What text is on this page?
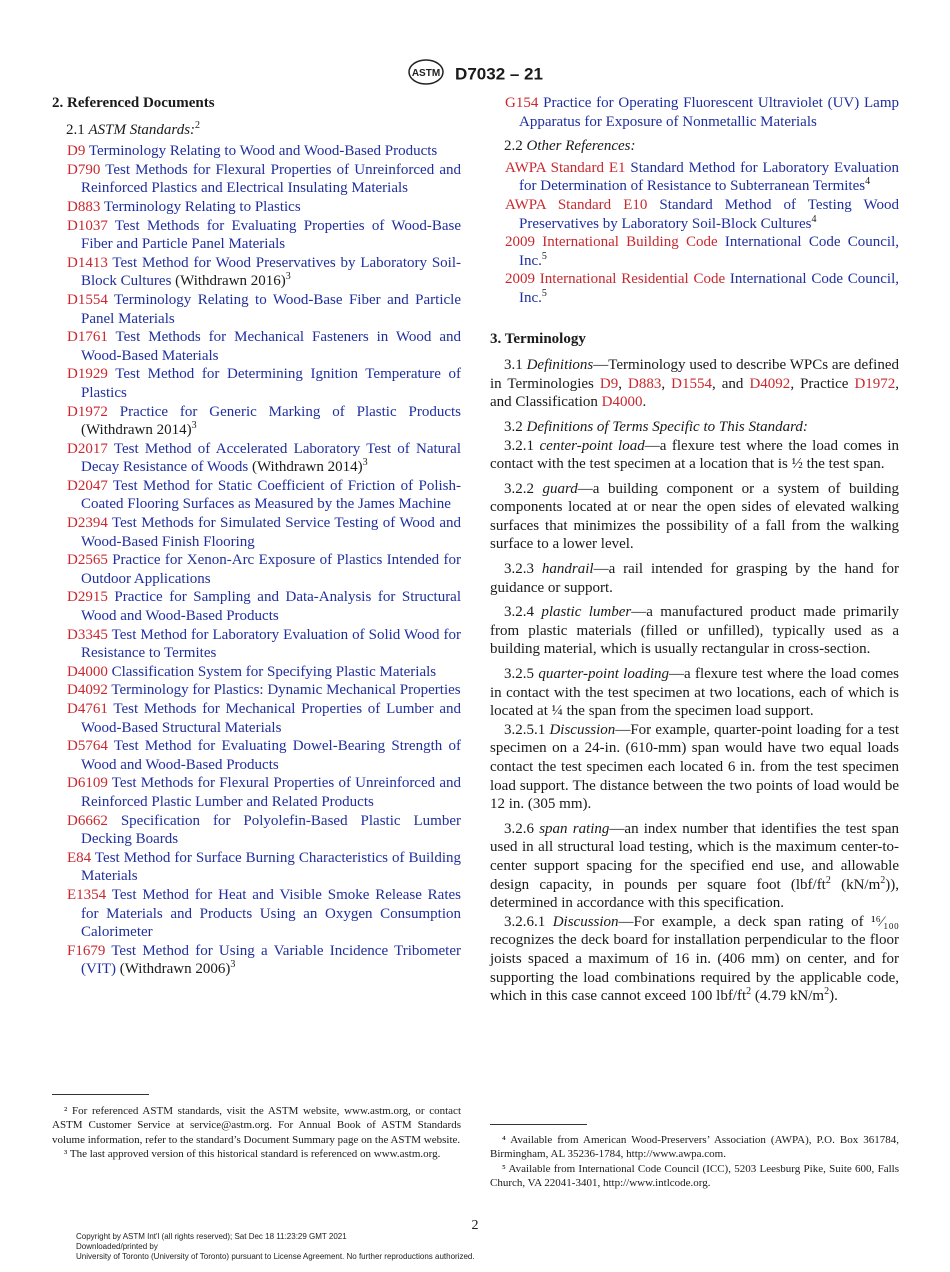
ASTM D7032 – 21
2. Referenced Documents
2.1 ASTM Standards:$^2$
D9 Terminology Relating to Wood and Wood-Based Products
D790 Test Methods for Flexural Properties of Unreinforced and Reinforced Plastics and Electrical Insulating Materials
D883 Terminology Relating to Plastics
D1037 Test Methods for Evaluating Properties of Wood-Base Fiber and Particle Panel Materials
D1413 Test Method for Wood Preservatives by Laboratory Soil-Block Cultures (Withdrawn 2016)$^3$
D1554 Terminology Relating to Wood-Base Fiber and Particle Panel Materials
D1761 Test Methods for Mechanical Fasteners in Wood and Wood-Based Materials
D1929 Test Method for Determining Ignition Temperature of Plastics
D1972 Practice for Generic Marking of Plastic Products (Withdrawn 2014)$^3$
D2017 Test Method of Accelerated Laboratory Test of Natural Decay Resistance of Woods (Withdrawn 2014)$^3$
D2047 Test Method for Static Coefficient of Friction of Polish-Coated Flooring Surfaces as Measured by the James Machine
D2394 Test Methods for Simulated Service Testing of Wood and Wood-Based Finish Flooring
D2565 Practice for Xenon-Arc Exposure of Plastics Intended for Outdoor Applications
D2915 Practice for Sampling and Data-Analysis for Structural Wood and Wood-Based Products
D3345 Test Method for Laboratory Evaluation of Solid Wood for Resistance to Termites
D4000 Classification System for Specifying Plastic Materials
D4092 Terminology for Plastics: Dynamic Mechanical Properties
D4761 Test Methods for Mechanical Properties of Lumber and Wood-Based Structural Materials
D5764 Test Method for Evaluating Dowel-Bearing Strength of Wood and Wood-Based Products
D6109 Test Methods for Flexural Properties of Unreinforced and Reinforced Plastic Lumber and Related Products
D6662 Specification for Polyolefin-Based Plastic Lumber Decking Boards
E84 Test Method for Surface Burning Characteristics of Building Materials
E1354 Test Method for Heat and Visible Smoke Release Rates for Materials and Products Using an Oxygen Consumption Calorimeter
F1679 Test Method for Using a Variable Incidence Tribometer (VIT) (Withdrawn 2006)$^3$
G154 Practice for Operating Fluorescent Ultraviolet (UV) Lamp Apparatus for Exposure of Nonmetallic Materials
2.2 Other References:
AWPA Standard E1 Standard Method for Laboratory Evaluation for Determination of Resistance to Subterranean Termites$^4$
AWPA Standard E10 Standard Method of Testing Wood Preservatives by Laboratory Soil-Block Cultures$^4$
2009 International Building Code International Code Council, Inc.$^5$
2009 International Residential Code International Code Council, Inc.$^5$
3. Terminology

3.1 Definitions—Terminology used to describe WPCs are defined in Terminologies D9, D883, D1554, and D4092, Practice D1972, and Classification D4000.

3.2 Definitions of Terms Specific to This Standard:

3.2.1 center-point load—a flexure test where the load comes in contact with the test specimen at a location that is ½ the test span.

3.2.2 guard—a building component or a system of building components located at or near the open sides of elevated walking surfaces that minimizes the possibility of a fall from the walking surface to a lower level.

3.2.3 handrail—a rail intended for grasping by the hand for guidance or support.

3.2.4 plastic lumber—a manufactured product made primarily from plastic materials (filled or unfilled), typically used as a building material, which is usually rectangular in cross-section.

3.2.5 quarter-point loading—a flexure test where the load comes in contact with the test specimen at two locations, each of which is located at ¼ the span from the specimen load support.

3.2.5.1 Discussion—For example, quarter-point loading for a test specimen on a 24-in. (610-mm) span would have two equal loads contact the test specimen each located 6 in. from the test specimen load support. The distance between the two points of load would be 12 in. (305 mm).

3.2.6 span rating—an index number that identifies the test span used in all structural load testing, which is the maximum center-to-center support spacing for the specified end use, and allowable design capacity, in pounds per square foot ($lbf/ft^2$ $(kN/m^2)$), determined in accordance with this specification.

3.2.6.1 Discussion—For example, a deck span rating of ¹⁶⁄₁₀₀ recognizes the deck board for installation perpendicular to the floor joists spaced a maximum of 16 in. (406 mm) on center, and for supporting the load combinations required by the applicable code, which in this case cannot exceed 100 lbf/$ft^2$ (4.79 $kN/m^2$).

² For referenced ASTM standards, visit the ASTM website, www.astm.org, or contact ASTM Customer Service at service@astm.org. For Annual Book of ASTM Standards volume information, refer to the standard’s Document Summary page on the ASTM website.

³ The last approved version of this historical standard is referenced on www.astm.org.

⁴ Available from American Wood-Preservers’ Association (AWPA), P.O. Box 361784, Birmingham, AL 35236-1784, http://www.awpa.com.

⁵ Available from International Code Council (ICC), 5203 Leesburg Pike, Suite 600, Falls Church, VA 22041-3401, http://www.intlcode.org.

2
Copyright by ASTM Int'l (all rights reserved); Sat Dec 18 11:23:29 GMT 2021
Downloaded/printed by
University of Toronto (University of Toronto) pursuant to License Agreement. No further reproductions authorized.
